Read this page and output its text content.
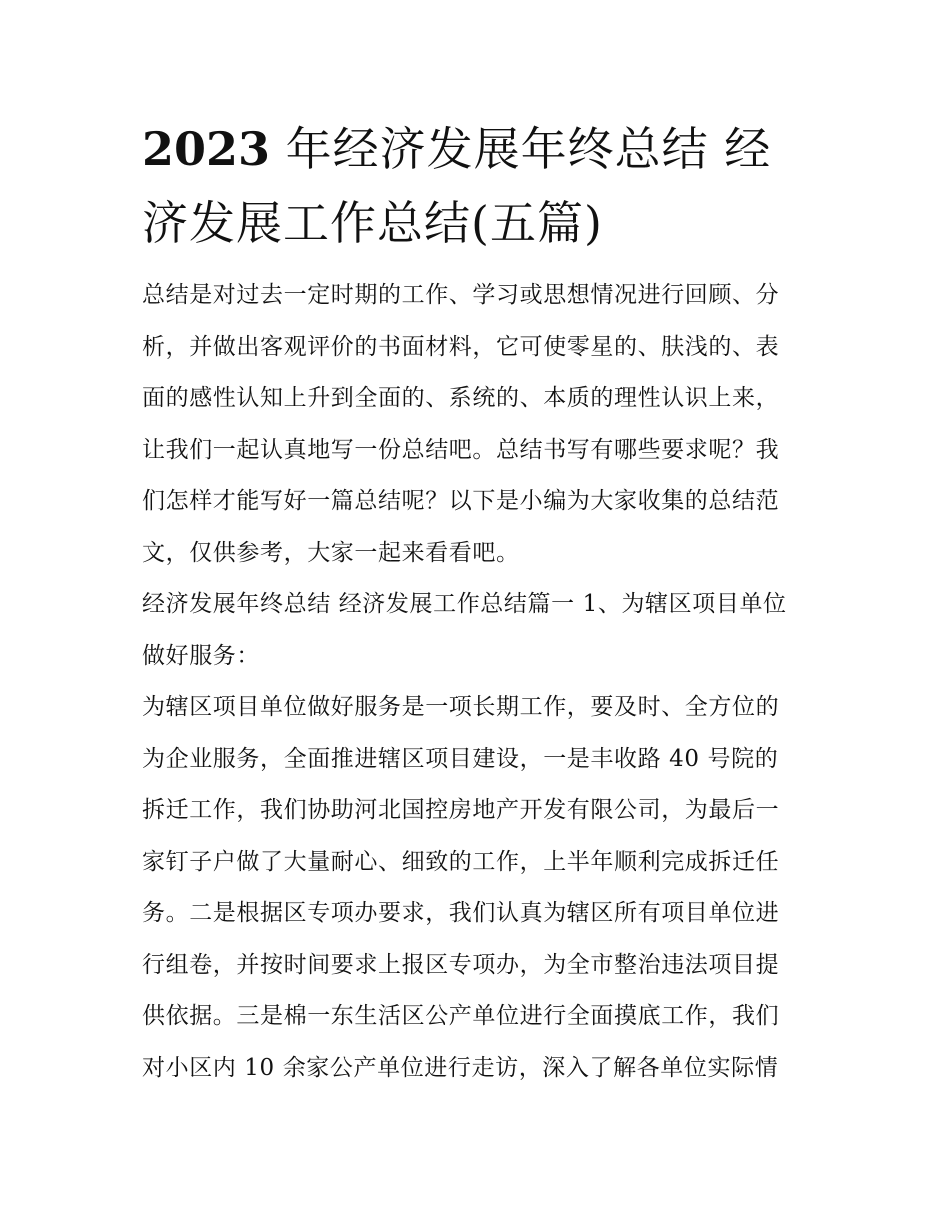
2023 年经济发展年终总结 经
济发展工作总结(五篇)
总结是对过去一定时期的工作、学习或思想情况进行回顾、分
析，并做出客观评价的书面材料，它可使零星的、肤浅的、表
面的感性认知上升到全面的、系统的、本质的理性认识上来，
让我们一起认真地写一份总结吧。总结书写有哪些要求呢？我
们怎样才能写好一篇总结呢？以下是小编为大家收集的总结范
文，仅供参考，大家一起来看看吧。
经济发展年终总结 经济发展工作总结篇一 1、为辖区项目单位
做好服务：
为辖区项目单位做好服务是一项长期工作，要及时、全方位的
为企业服务，全面推进辖区项目建设，一是丰收路 40 号院的
拆迁工作，我们协助河北国控房地产开发有限公司，为最后一
家钉子户做了大量耐心、细致的工作，上半年顺利完成拆迁任
务。二是根据区专项办要求，我们认真为辖区所有项目单位进
行组卷，并按时间要求上报区专项办，为全市整治违法项目提
供依据。三是棉一东生活区公产单位进行全面摸底工作，我们
对小区内 10 余家公产单位进行走访，深入了解各单位实际情
